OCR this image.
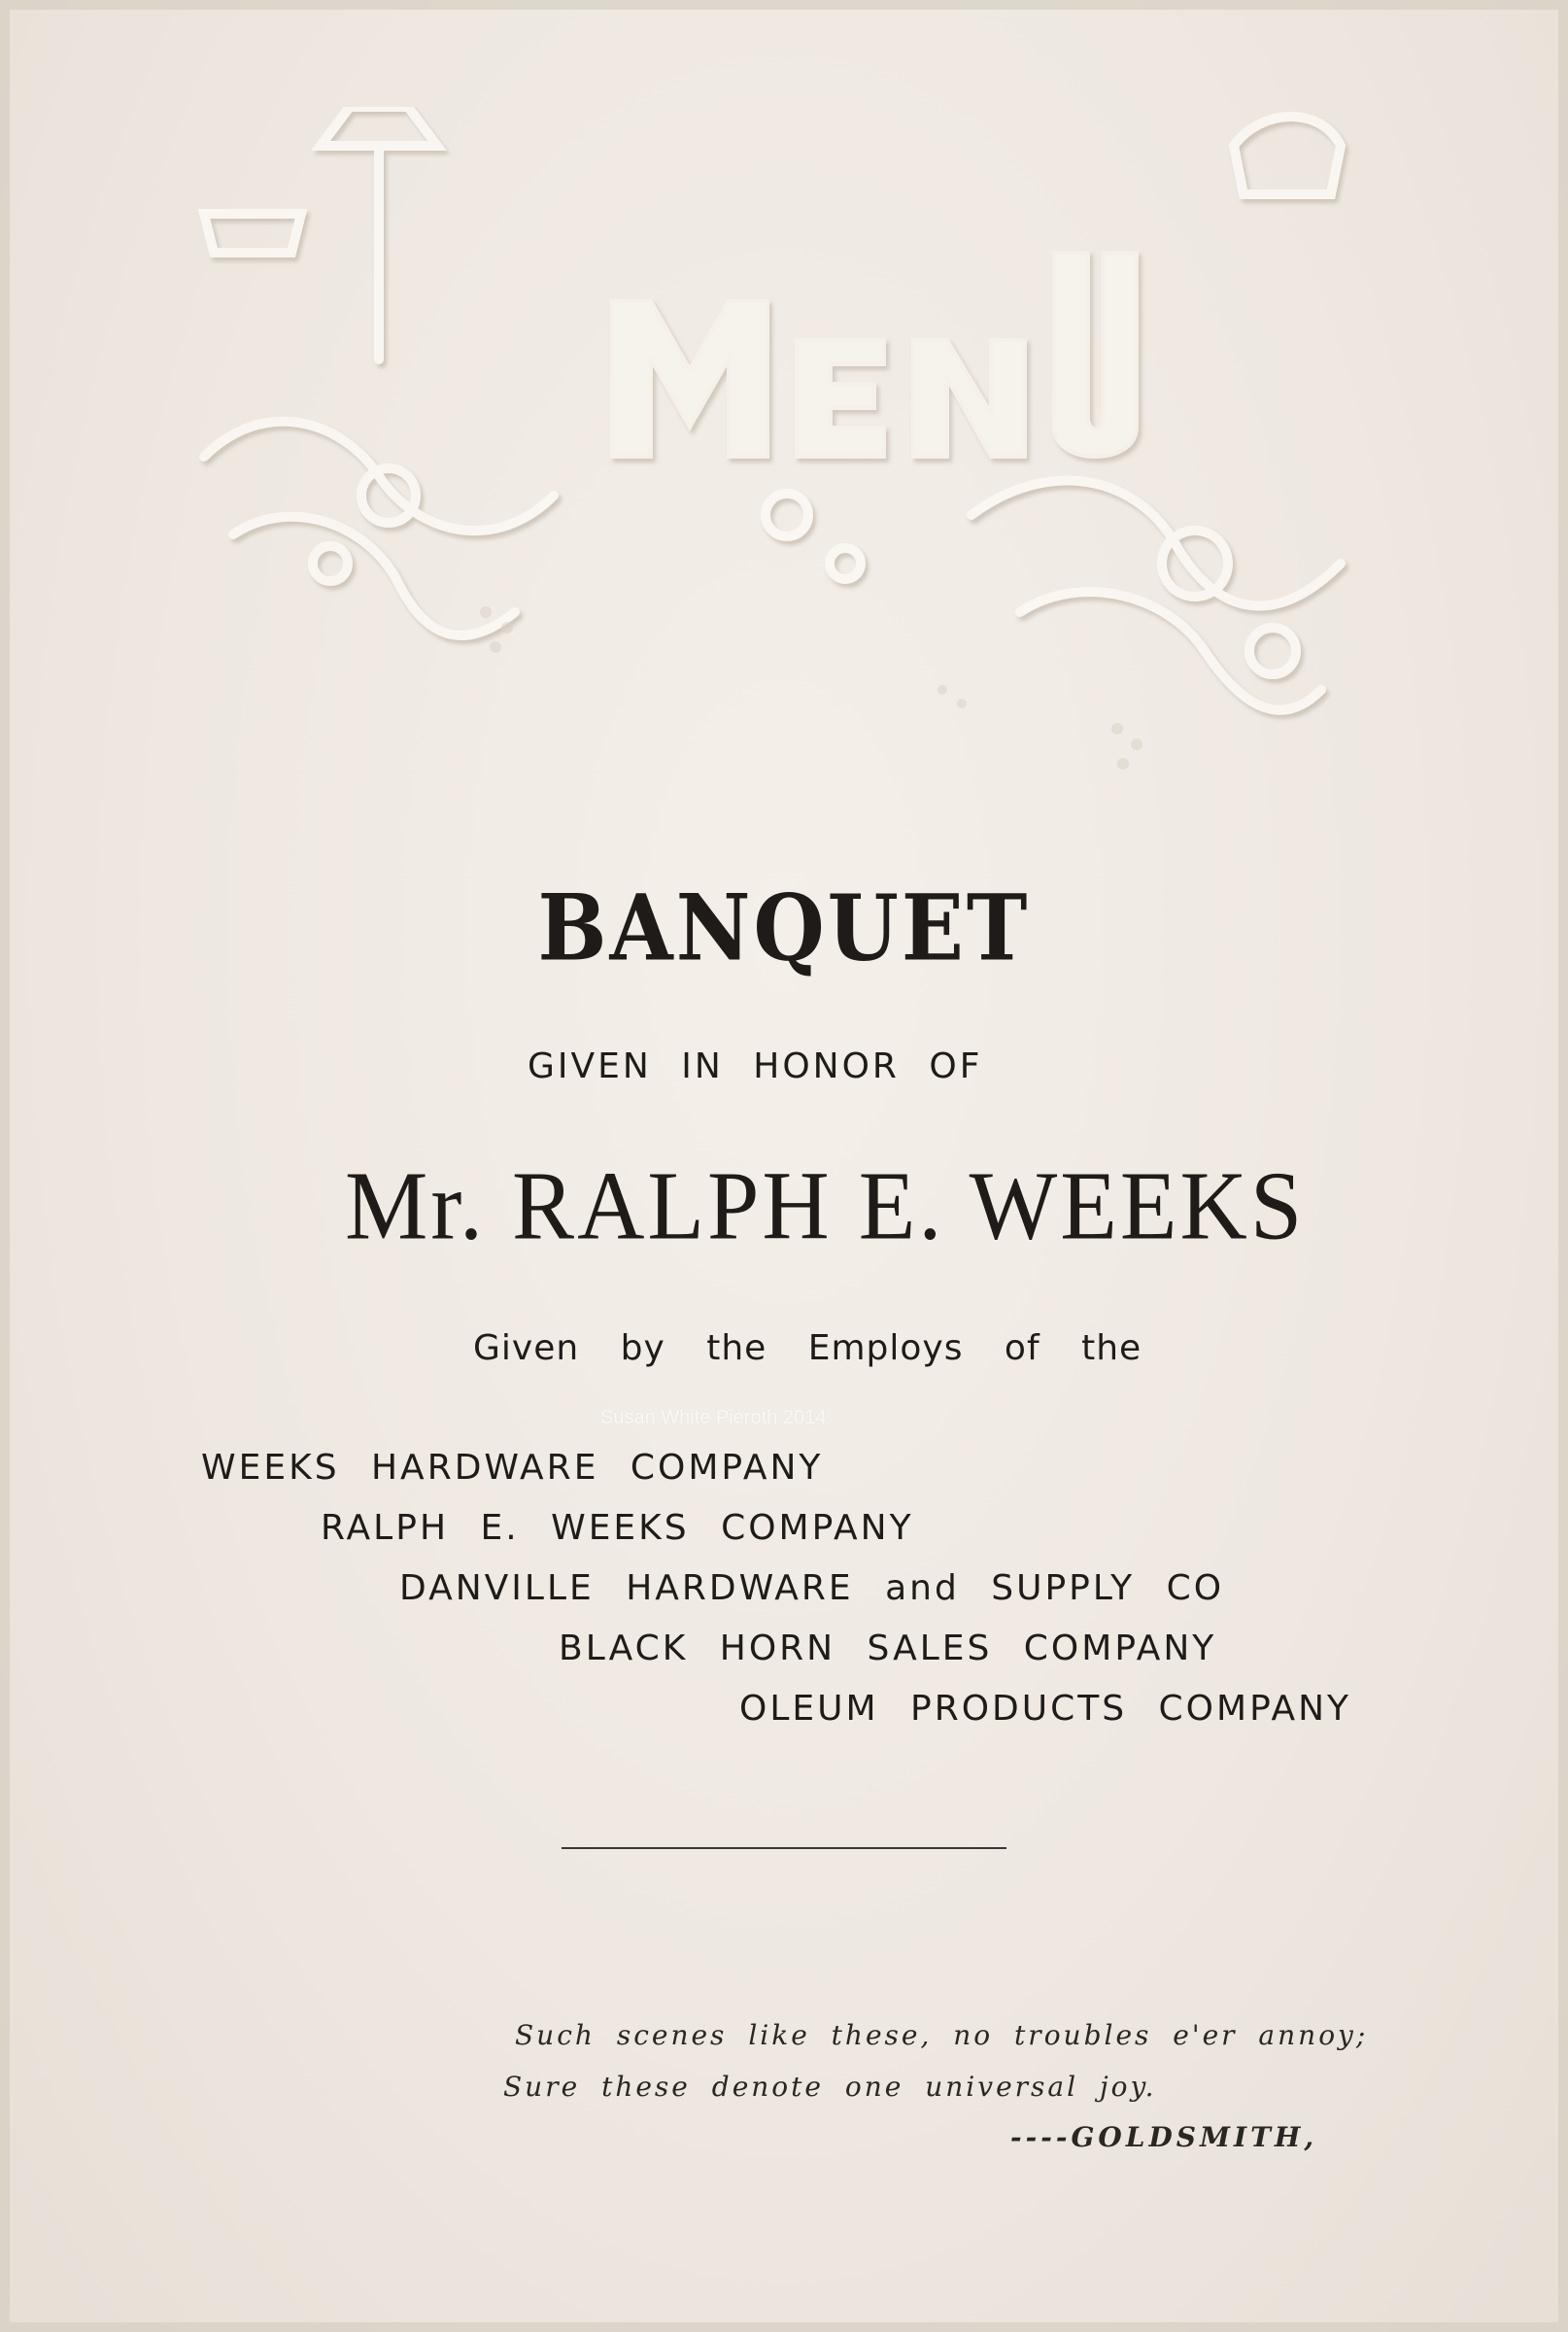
BANQUET
GIVEN IN HONOR OF
Mr. RALPH E. WEEKS
Given by the Employs of the
Susan White Pieroth 2014
WEEKS HARDWARE COMPANY
RALPH E. WEEKS COMPANY
DANVILLE HARDWARE and SUPPLY CO
BLACK HORN SALES COMPANY
OLEUM PRODUCTS COMPANY
Such scenes like these, no troubles e'er annoy;
Sure these denote one universal joy.
----GOLDSMITH,
